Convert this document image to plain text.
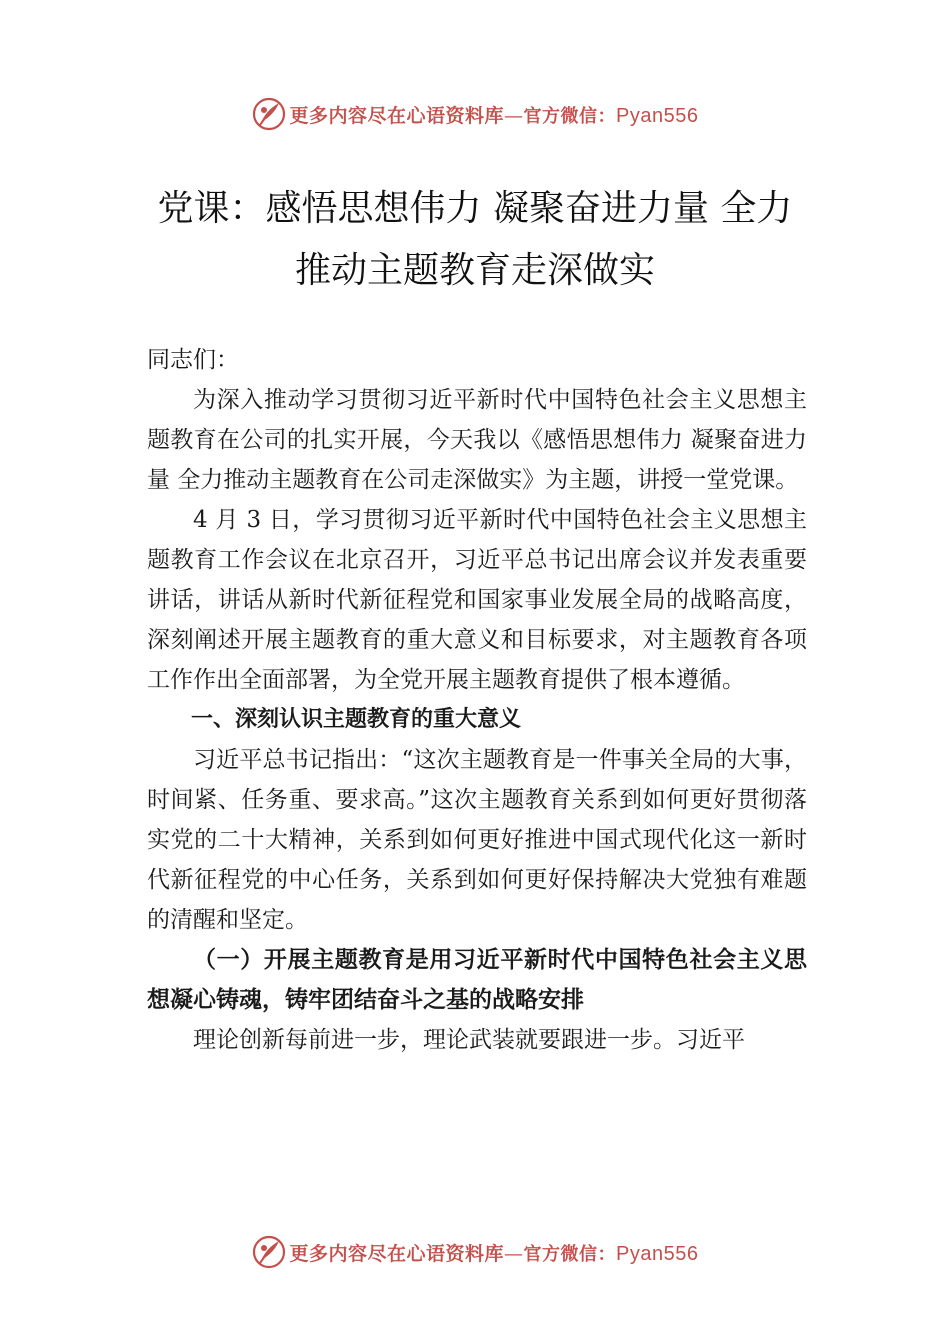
更多内容尽在心语资料库—官方微信：Pyan556
党课：感悟思想伟力 凝聚奋进力量 全力
推动主题教育走深做实

同志们：

为深入推动学习贯彻习近平新时代中国特色社会主义思想主题教育在公司的扎实开展，今天我以《感悟思想伟力 凝聚奋进力量 全力推动主题教育在公司走深做实》为主题，讲授一堂党课。

4 月 3 日，学习贯彻习近平新时代中国特色社会主义思想主题教育工作会议在北京召开，习近平总书记出席会议并发表重要讲话，讲话从新时代新征程党和国家事业发展全局的战略高度，深刻阐述开展主题教育的重大意义和目标要求，对主题教育各项工作作出全面部署，为全党开展主题教育提供了根本遵循。

一、深刻认识主题教育的重大意义

习近平总书记指出：“这次主题教育是一件事关全局的大事，时间紧、任务重、要求高。”这次主题教育关系到如何更好贯彻落实党的二十大精神，关系到如何更好推进中国式现代化这一新时代新征程党的中心任务，关系到如何更好保持解决大党独有难题的清醒和坚定。

（一）开展主题教育是用习近平新时代中国特色社会主义思想凝心铸魂，铸牢团结奋斗之基的战略安排

理论创新每前进一步，理论武装就要跟进一步。习近平

更多内容尽在心语资料库—官方微信：Pyan556
